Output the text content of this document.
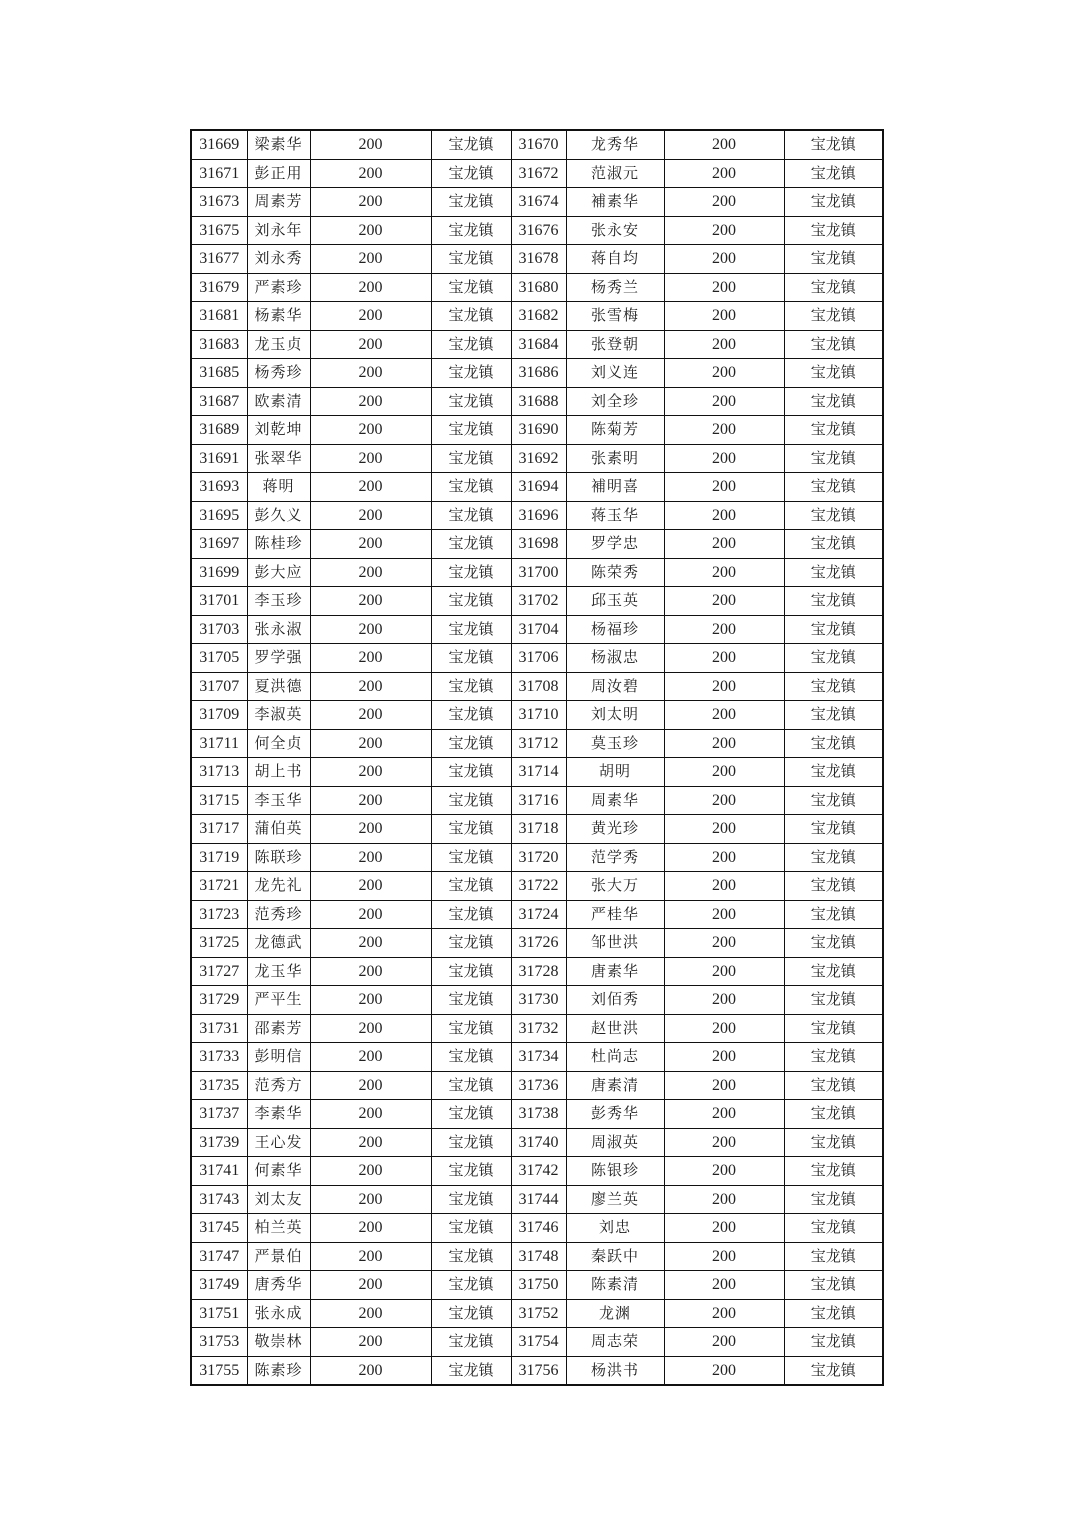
31669	梁素华	200	宝龙镇	31670	龙秀华	200	宝龙镇
31671	彭正用	200	宝龙镇	31672	范淑元	200	宝龙镇
31673	周素芳	200	宝龙镇	31674	補素华	200	宝龙镇
31675	刘永年	200	宝龙镇	31676	张永安	200	宝龙镇
31677	刘永秀	200	宝龙镇	31678	蒋自均	200	宝龙镇
31679	严素珍	200	宝龙镇	31680	杨秀兰	200	宝龙镇
31681	杨素华	200	宝龙镇	31682	张雪梅	200	宝龙镇
31683	龙玉贞	200	宝龙镇	31684	张登朝	200	宝龙镇
31685	杨秀珍	200	宝龙镇	31686	刘义连	200	宝龙镇
31687	欧素清	200	宝龙镇	31688	刘全珍	200	宝龙镇
31689	刘乾坤	200	宝龙镇	31690	陈菊芳	200	宝龙镇
31691	张翠华	200	宝龙镇	31692	张素明	200	宝龙镇
31693	蒋明	200	宝龙镇	31694	補明喜	200	宝龙镇
31695	彭久义	200	宝龙镇	31696	蒋玉华	200	宝龙镇
31697	陈桂珍	200	宝龙镇	31698	罗学忠	200	宝龙镇
31699	彭大应	200	宝龙镇	31700	陈荣秀	200	宝龙镇
31701	李玉珍	200	宝龙镇	31702	邱玉英	200	宝龙镇
31703	张永淑	200	宝龙镇	31704	杨福珍	200	宝龙镇
31705	罗学强	200	宝龙镇	31706	杨淑忠	200	宝龙镇
31707	夏洪德	200	宝龙镇	31708	周汝碧	200	宝龙镇
31709	李淑英	200	宝龙镇	31710	刘太明	200	宝龙镇
31711	何全贞	200	宝龙镇	31712	莫玉珍	200	宝龙镇
31713	胡上书	200	宝龙镇	31714	胡明	200	宝龙镇
31715	李玉华	200	宝龙镇	31716	周素华	200	宝龙镇
31717	蒲伯英	200	宝龙镇	31718	黄光珍	200	宝龙镇
31719	陈联珍	200	宝龙镇	31720	范学秀	200	宝龙镇
31721	龙先礼	200	宝龙镇	31722	张大万	200	宝龙镇
31723	范秀珍	200	宝龙镇	31724	严桂华	200	宝龙镇
31725	龙德武	200	宝龙镇	31726	邹世洪	200	宝龙镇
31727	龙玉华	200	宝龙镇	31728	唐素华	200	宝龙镇
31729	严平生	200	宝龙镇	31730	刘佰秀	200	宝龙镇
31731	邵素芳	200	宝龙镇	31732	赵世洪	200	宝龙镇
31733	彭明信	200	宝龙镇	31734	杜尚志	200	宝龙镇
31735	范秀方	200	宝龙镇	31736	唐素清	200	宝龙镇
31737	李素华	200	宝龙镇	31738	彭秀华	200	宝龙镇
31739	王心发	200	宝龙镇	31740	周淑英	200	宝龙镇
31741	何素华	200	宝龙镇	31742	陈银珍	200	宝龙镇
31743	刘太友	200	宝龙镇	31744	廖兰英	200	宝龙镇
31745	柏兰英	200	宝龙镇	31746	刘忠	200	宝龙镇
31747	严景伯	200	宝龙镇	31748	秦跃中	200	宝龙镇
31749	唐秀华	200	宝龙镇	31750	陈素清	200	宝龙镇
31751	张永成	200	宝龙镇	31752	龙渊	200	宝龙镇
31753	敬崇林	200	宝龙镇	31754	周志荣	200	宝龙镇
31755	陈素珍	200	宝龙镇	31756	杨洪书	200	宝龙镇
